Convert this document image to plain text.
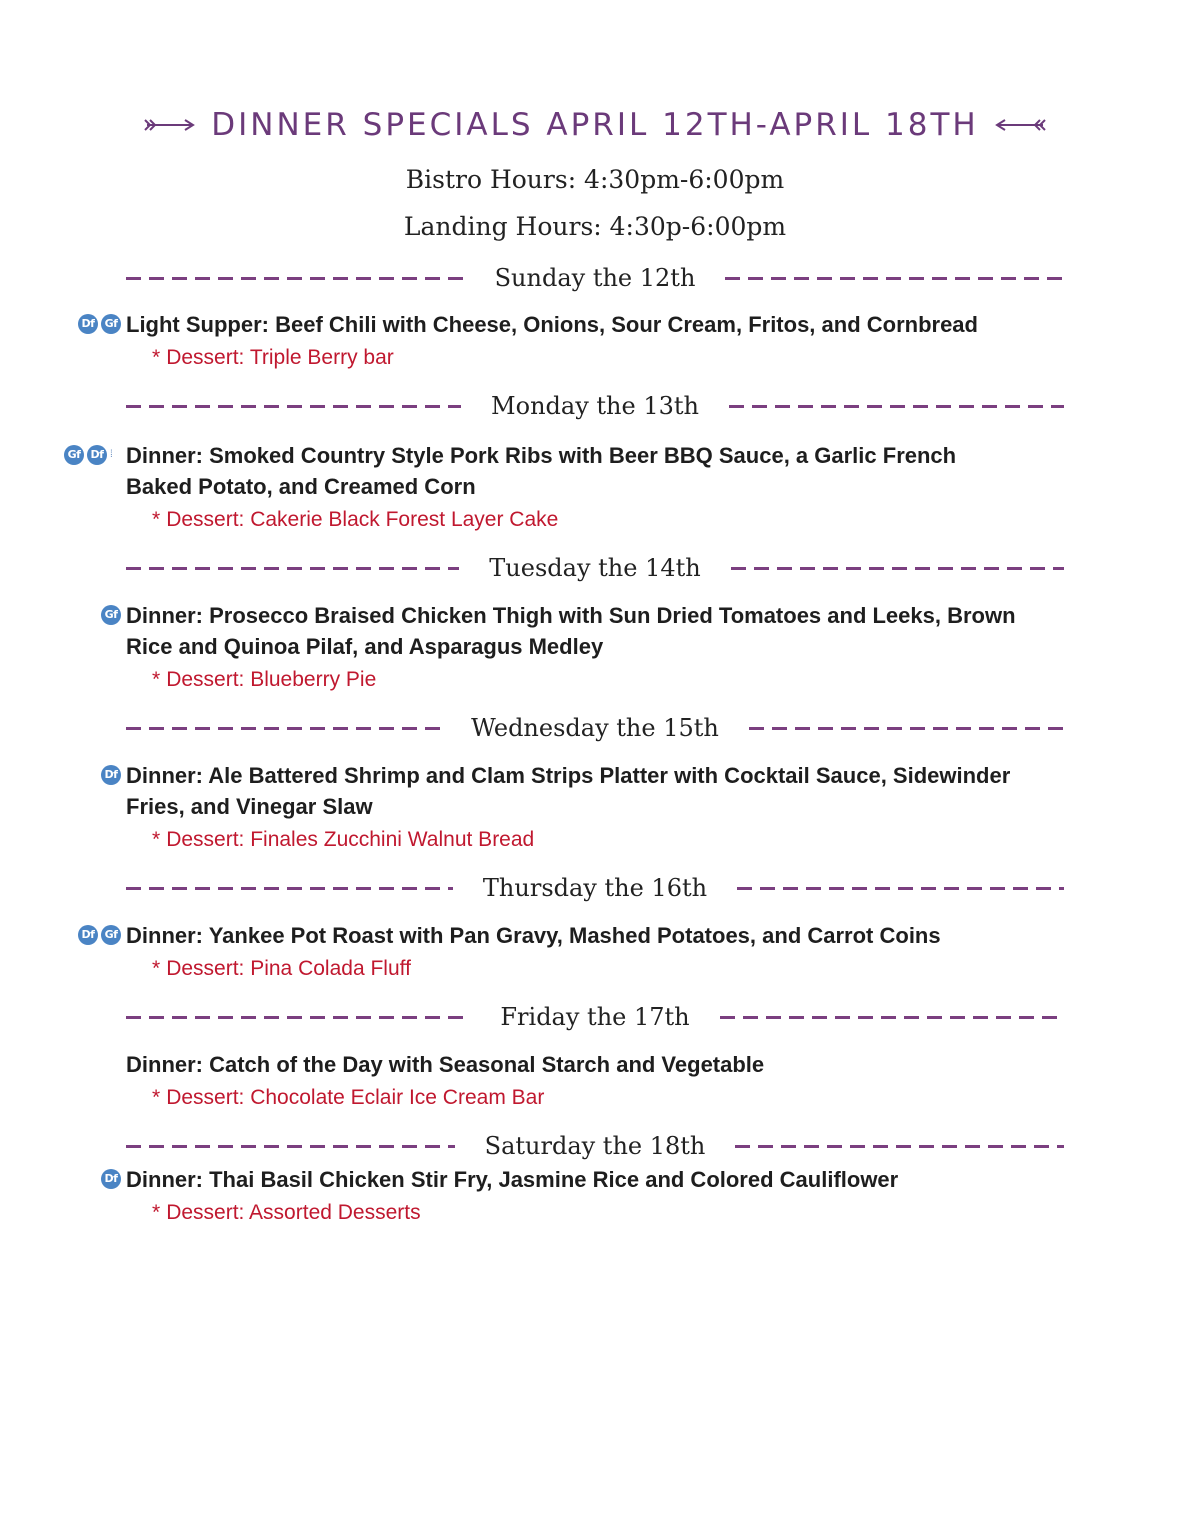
DINNER SPECIALS APRIL 12TH-APRIL 18TH
Bistro Hours: 4:30pm-6:00pm
Landing Hours: 4:30p-6:00pm
Sunday the 12th
Df Gf Light Supper: Beef Chili with Cheese, Onions, Sour Cream, Fritos, and Cornbread
* Dessert: Triple Berry bar
Monday the 13th
Gf Df ⁞ Dinner: Smoked Country Style Pork Ribs with Beer BBQ Sauce, a Garlic French Baked Potato, and Creamed Corn
* Dessert: Cakerie Black Forest Layer Cake
Tuesday the 14th
Gf Dinner: Prosecco Braised Chicken Thigh with Sun Dried Tomatoes and Leeks, Brown Rice and Quinoa Pilaf, and Asparagus Medley
* Dessert: Blueberry Pie
Wednesday the 15th
Df Dinner: Ale Battered Shrimp and Clam Strips Platter with Cocktail Sauce, Sidewinder Fries, and Vinegar Slaw
* Dessert: Finales Zucchini Walnut Bread
Thursday the 16th
Df Gf Dinner: Yankee Pot Roast with Pan Gravy, Mashed Potatoes, and Carrot Coins
* Dessert: Pina Colada Fluff
Friday the 17th
Dinner: Catch of the Day with Seasonal Starch and Vegetable
* Dessert: Chocolate Eclair Ice Cream Bar
Saturday the 18th
Df Dinner: Thai Basil Chicken Stir Fry, Jasmine Rice and Colored Cauliflower
* Dessert: Assorted Desserts
